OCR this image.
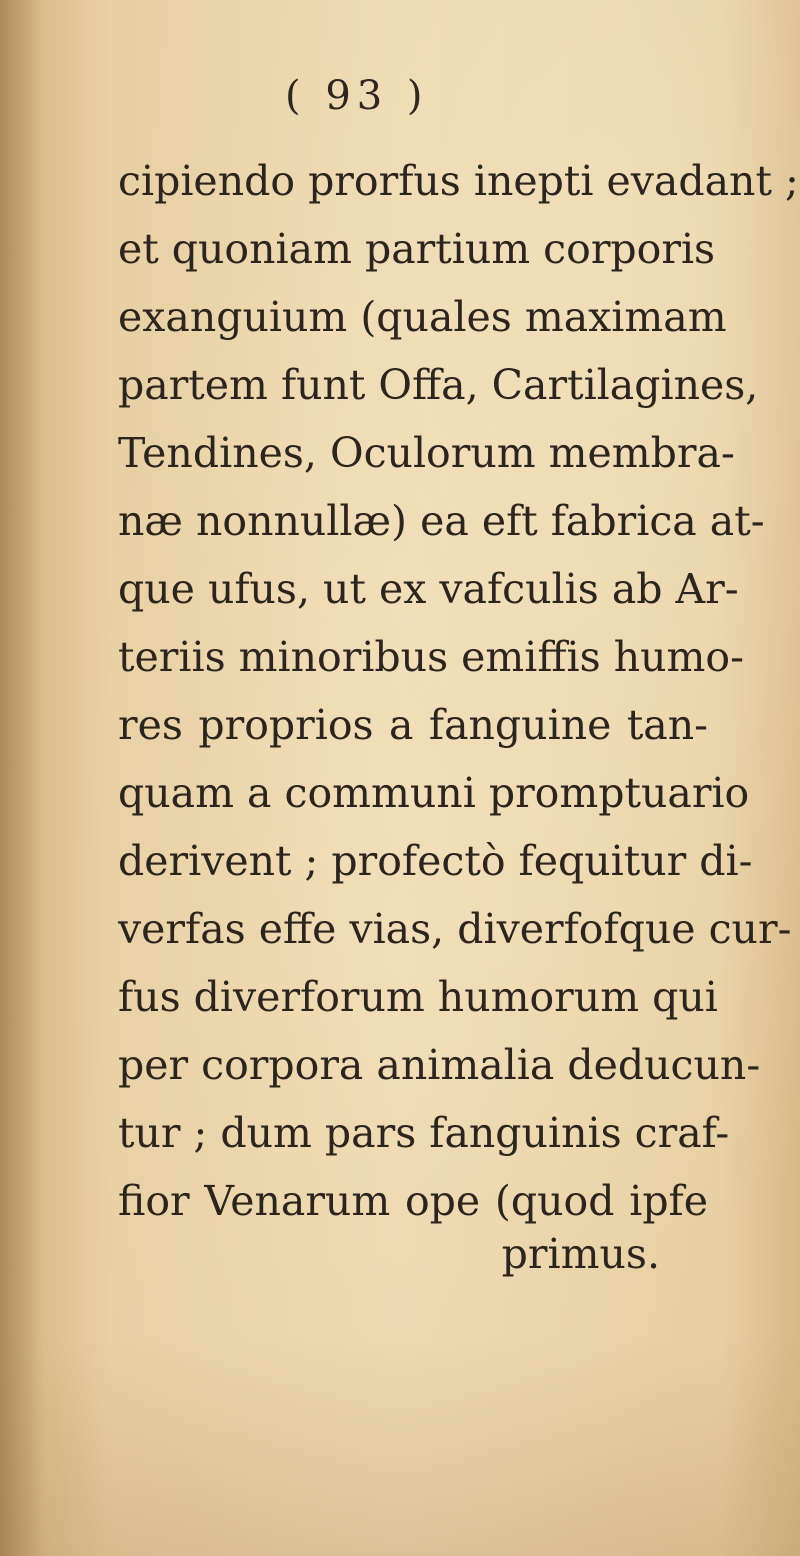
( 93 )
cipiendo prorfus inepti evadant ;
et quoniam partium corporis
exanguium (quales maximam
partem funt Offa, Cartilagines,
Tendines, Oculorum membra-
næ nonnullæ) ea eft fabrica at-
que ufus, ut ex vafculis ab Ar-
teriis minoribus emiffis humo-
res proprios a fanguine tan-
quam a communi promptuario
derivent ; profectò fequitur di-
verfas effe vias, diverfofque cur-
fus diverforum humorum qui
per corpora animalia deducun-
tur ; dum pars fanguinis craf-
fior Venarum ope (quod ipfe
primus.
